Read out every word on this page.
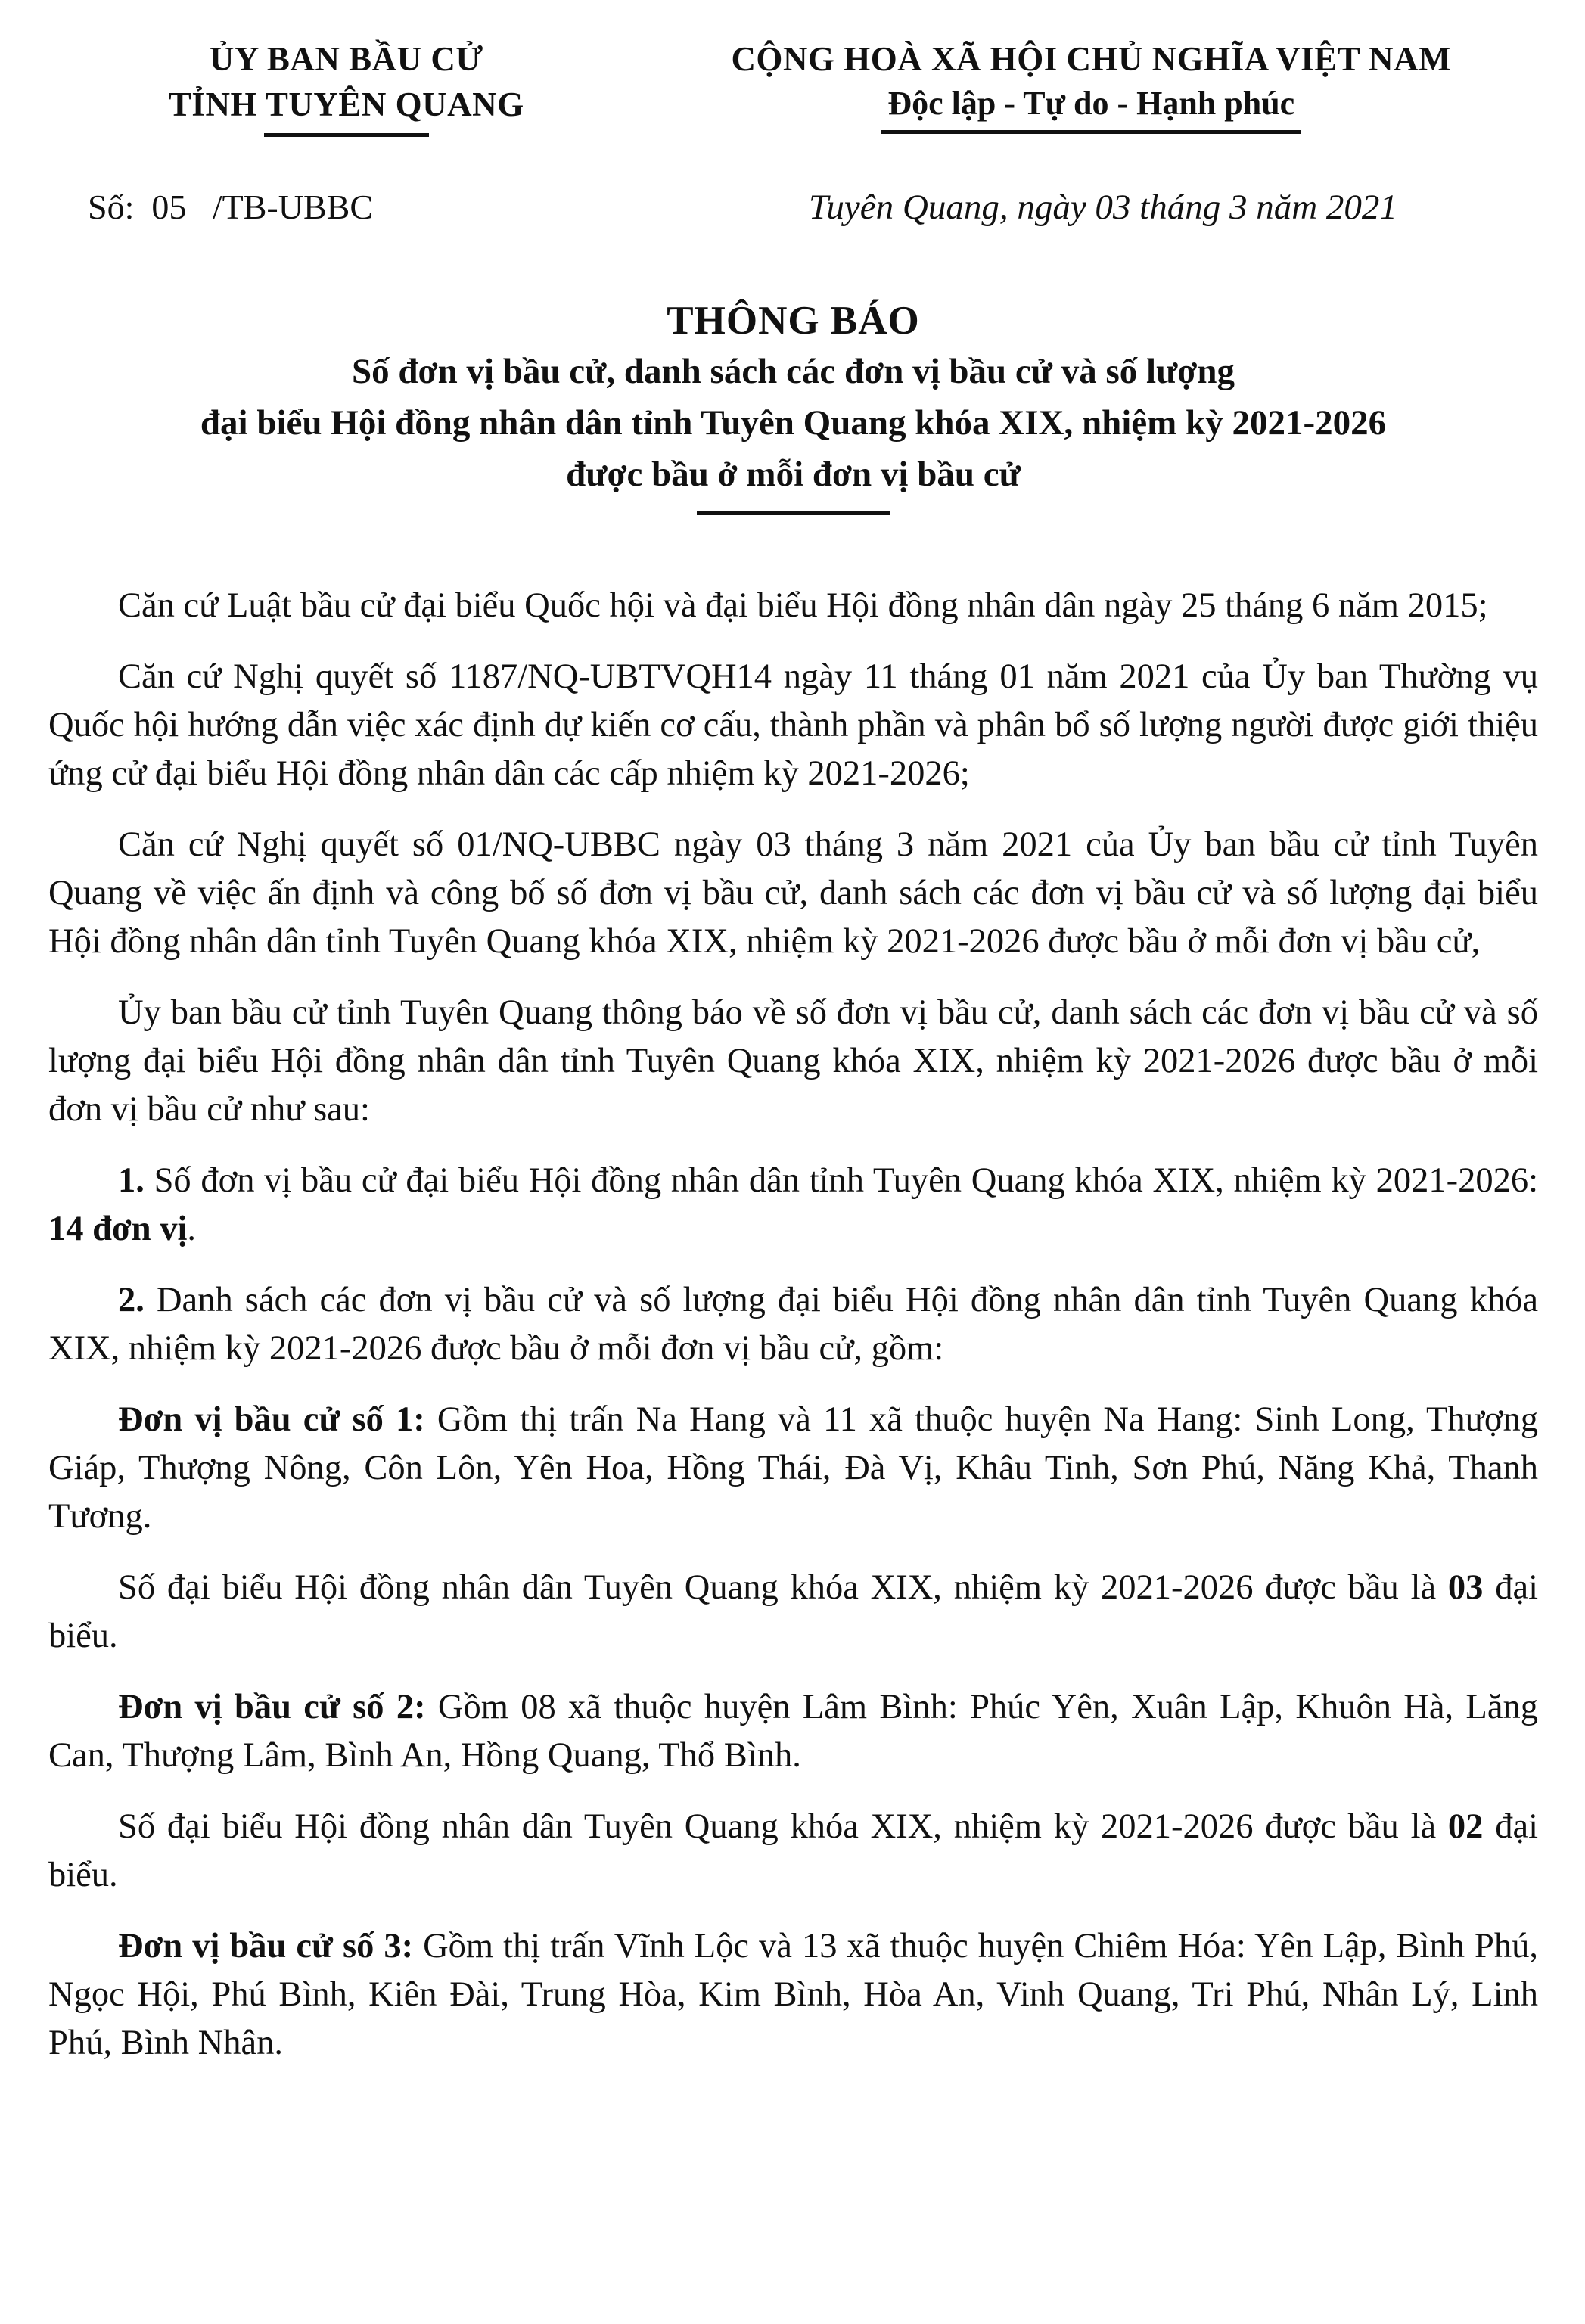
ỦY BAN BẦU CỬ
TỈNH TUYÊN QUANG
CỘNG HOÀ XÃ HỘI CHỦ NGHĨA VIỆT NAM
Độc lập - Tự do - Hạnh phúc
Số:  05   /TB-UBBC	Tuyên Quang, ngày 03 tháng 3 năm 2021
THÔNG BÁO
Số đơn vị bầu cử, danh sách các đơn vị bầu cử và số lượng
đại biểu Hội đồng nhân dân tỉnh Tuyên Quang khóa XIX, nhiệm kỳ 2021-2026
được bầu ở mỗi đơn vị bầu cử

Căn cứ Luật bầu cử đại biểu Quốc hội và đại biểu Hội đồng nhân dân ngày 25 tháng 6 năm 2015;

Căn cứ Nghị quyết số 1187/NQ-UBTVQH14 ngày 11 tháng 01 năm 2021 của Ủy ban Thường vụ Quốc hội hướng dẫn việc xác định dự kiến cơ cấu, thành phần và phân bổ số lượng người được giới thiệu ứng cử đại biểu Hội đồng nhân dân các cấp nhiệm kỳ 2021-2026;

Căn cứ Nghị quyết số 01/NQ-UBBC ngày 03 tháng 3 năm 2021 của Ủy ban bầu cử tỉnh Tuyên Quang về việc ấn định và công bố số đơn vị bầu cử, danh sách các đơn vị bầu cử và số lượng đại biểu Hội đồng nhân dân tỉnh Tuyên Quang khóa XIX, nhiệm kỳ 2021-2026 được bầu ở mỗi đơn vị bầu cử,

Ủy ban bầu cử tỉnh Tuyên Quang thông báo về số đơn vị bầu cử, danh sách các đơn vị bầu cử và số lượng đại biểu Hội đồng nhân dân tỉnh Tuyên Quang khóa XIX, nhiệm kỳ 2021-2026 được bầu ở mỗi đơn vị bầu cử như sau:

1. Số đơn vị bầu cử đại biểu Hội đồng nhân dân tỉnh Tuyên Quang khóa XIX, nhiệm kỳ 2021-2026: 14 đơn vị.

2. Danh sách các đơn vị bầu cử và số lượng đại biểu Hội đồng nhân dân tỉnh Tuyên Quang khóa XIX, nhiệm kỳ 2021-2026 được bầu ở mỗi đơn vị bầu cử, gồm:

Đơn vị bầu cử số 1: Gồm thị trấn Na Hang và 11 xã thuộc huyện Na Hang: Sinh Long, Thượng Giáp, Thượng Nông, Côn Lôn, Yên Hoa, Hồng Thái, Đà Vị, Khâu Tinh, Sơn Phú, Năng Khả, Thanh Tương.

Số đại biểu Hội đồng nhân dân Tuyên Quang khóa XIX, nhiệm kỳ 2021-2026 được bầu là 03 đại biểu.

Đơn vị bầu cử số 2: Gồm 08 xã thuộc huyện Lâm Bình: Phúc Yên, Xuân Lập, Khuôn Hà, Lăng Can, Thượng Lâm, Bình An, Hồng Quang, Thổ Bình.

Số đại biểu Hội đồng nhân dân Tuyên Quang khóa XIX, nhiệm kỳ 2021-2026 được bầu là 02 đại biểu.

Đơn vị bầu cử số 3: Gồm thị trấn Vĩnh Lộc và 13 xã thuộc huyện Chiêm Hóa: Yên Lập, Bình Phú, Ngọc Hội, Phú Bình, Kiên Đài, Trung Hòa, Kim Bình, Hòa An, Vinh Quang, Tri Phú, Nhân Lý, Linh Phú, Bình Nhân.
